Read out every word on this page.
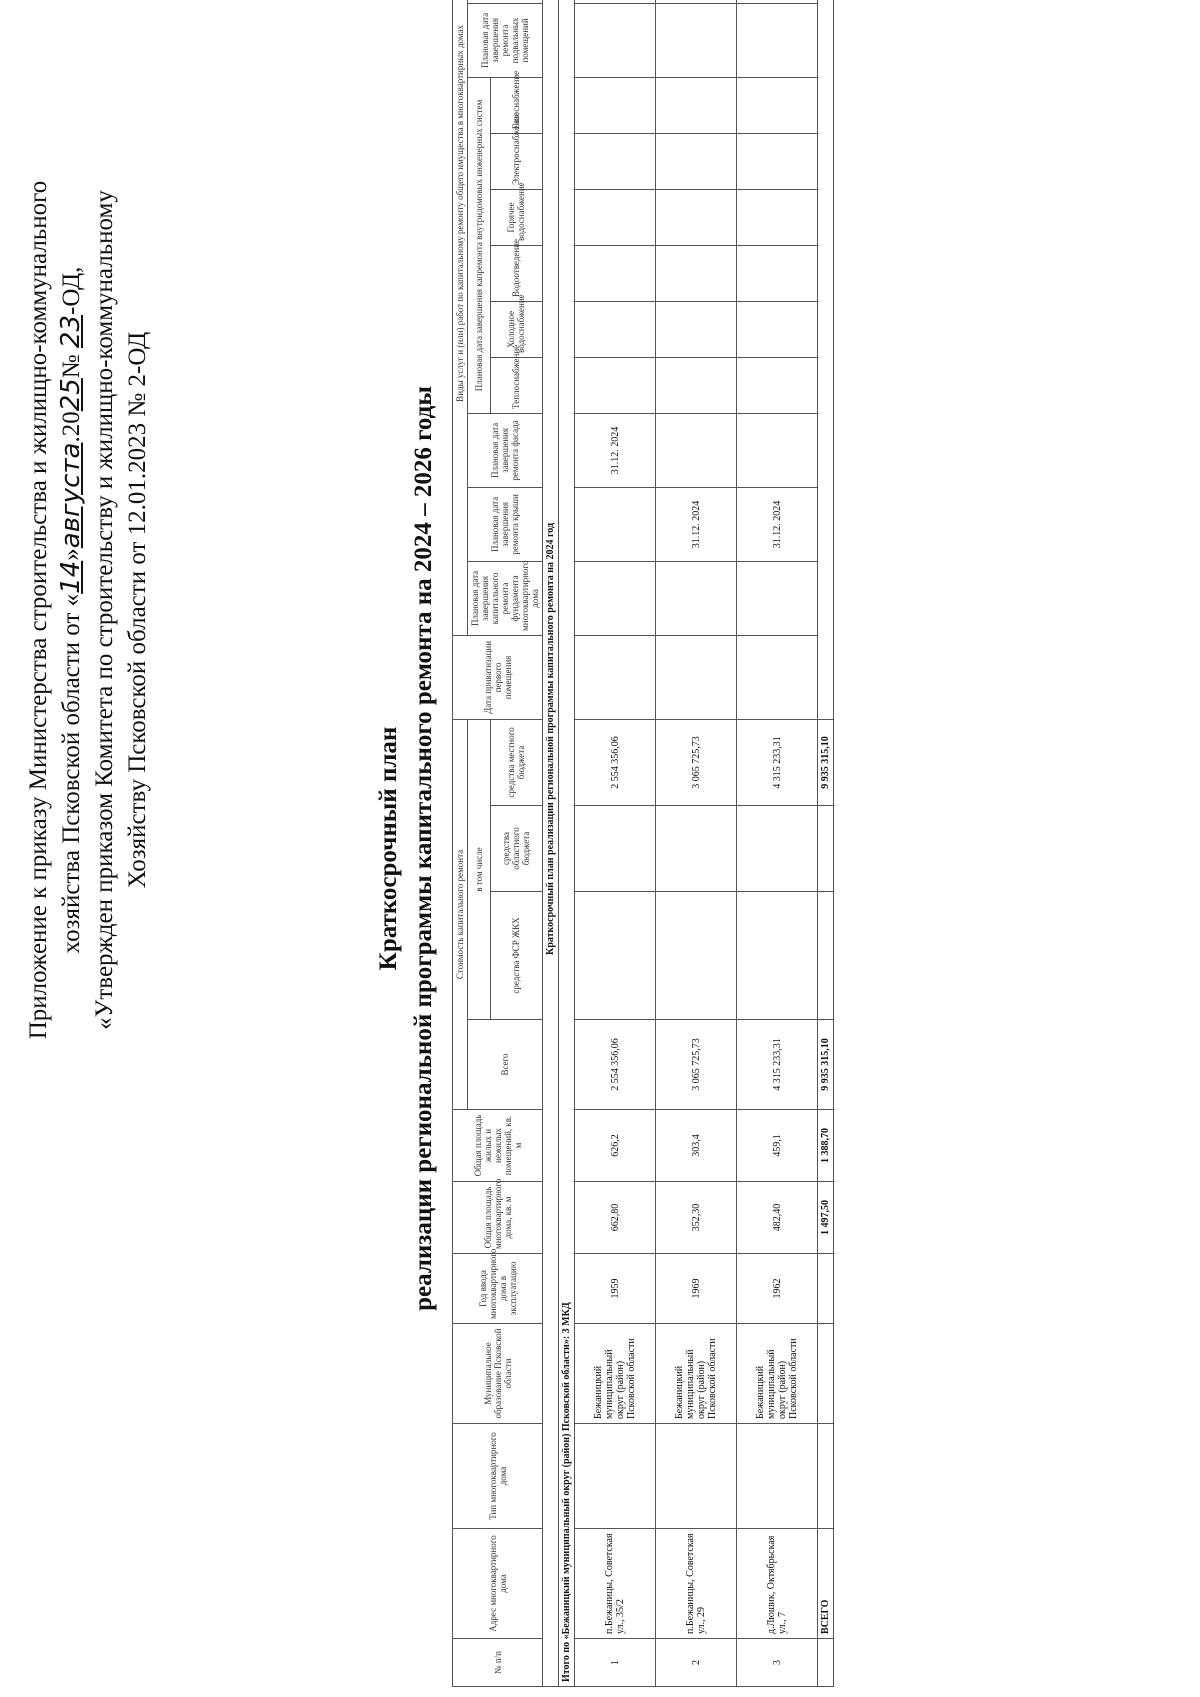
Приложение к приказу Министерства строительства и жилищно-коммунального хозяйства Псковской области от «14»августа.2025№ 23-ОД, «Утвержден приказом Комитета по строительству и жилищно-коммунальному Хозяйству Псковской области от 12.01.2023 № 2-ОД	Краткосрочный план реализации региональной программы капитального ремонта на 2024 – 2026 годы
№ п/п	Адрес многоквартирного дома	Тип многоквартирного дома	Муниципальное образование Псковской области	Год ввода многоквартирного дома в эксплуатацию	Общая площадь многоквартирного дома, кв. м	Общая площадь жилых и нежилых помещений, кв. м	Стоимость капитального ремонта				Дата приватизации первого помещения	Виды услуг и (или) работ по капитальному ремонту общего имущества в многоквартирных домах												
							Всего	в том числе				Плановая дата завершения капитального ремонта фундамента многоквартирного дома	Плановая дата завершения ремонта крыши	Плановая дата завершения ремонта фасада	Плановая дата завершения капремонта внутридомовых инженерных систем						Плановая дата завершения ремонта подвальных помещений			
								средства ФСР ЖКХ	средства областного бюджета	средства местного бюджета					Теплоснабжение	Холодное водоснабжение	Водоотведение	Горячее водоснабжение	Электроснабжение	Газоснабжение				
Краткосрочный план реализации региональной программы капитального ремонта на 2024 год																								
Итого по «Бежаницкий муниципальный округ (район) Псковской области»: 3 МКД																								
1	п.Бежаницы, Советская ул., 35/2		Бежаницкий муниципальный округ (район) Псковской области	1959	662,80	626,2	2 554 356,06			2 554 356,06				31.12. 2024										
2	п.Бежаницы, Советская ул., 29		Бежаницкий муниципальный округ (район) Псковской области	1969	352,30	303,4	3 065 725,73			3 065 725,73			31.12. 2024											
3	д.Люшик, Октябрьская ул., 7		Бежаницкий муниципальный округ (район) Псковской области	1962	482,40	459,1	4 315 233,31			4 315 233,31			31.12. 2024											
	ВСЕГО				1 497,50	1 388,70	9 935 315,10			9 935 315,10														
